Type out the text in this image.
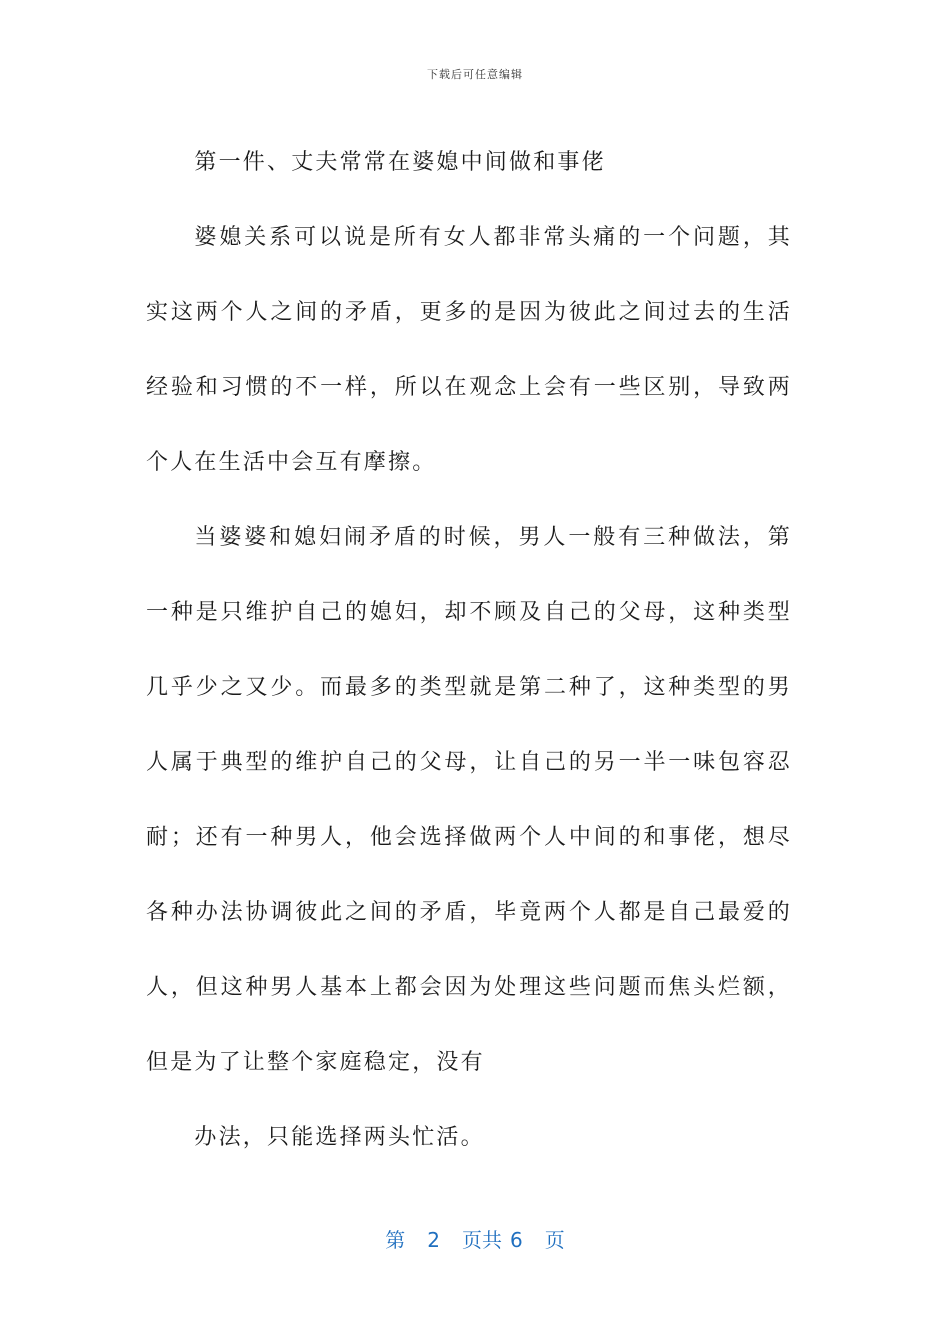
下载后可任意编辑

第一件、丈夫常常在婆媳中间做和事佬

婆媳关系可以说是所有女人都非常头痛的一个问题，其实这两个人之间的矛盾，更多的是因为彼此之间过去的生活经验和习惯的不一样，所以在观念上会有一些区别，导致两个人在生活中会互有摩擦。

当婆婆和媳妇闹矛盾的时候，男人一般有三种做法，第一种是只维护自己的媳妇，却不顾及自己的父母，这种类型几乎少之又少。而最多的类型就是第二种了，这种类型的男人属于典型的维护自己的父母，让自己的另一半一味包容忍耐；还有一种男人，他会选择做两个人中间的和事佬，想尽各种办法协调彼此之间的矛盾，毕竟两个人都是自己最爱的人，但这种男人基本上都会因为处理这些问题而焦头烂额，但是为了让整个家庭稳定，没有

办法，只能选择两头忙活。

第 2 页共 6 页
